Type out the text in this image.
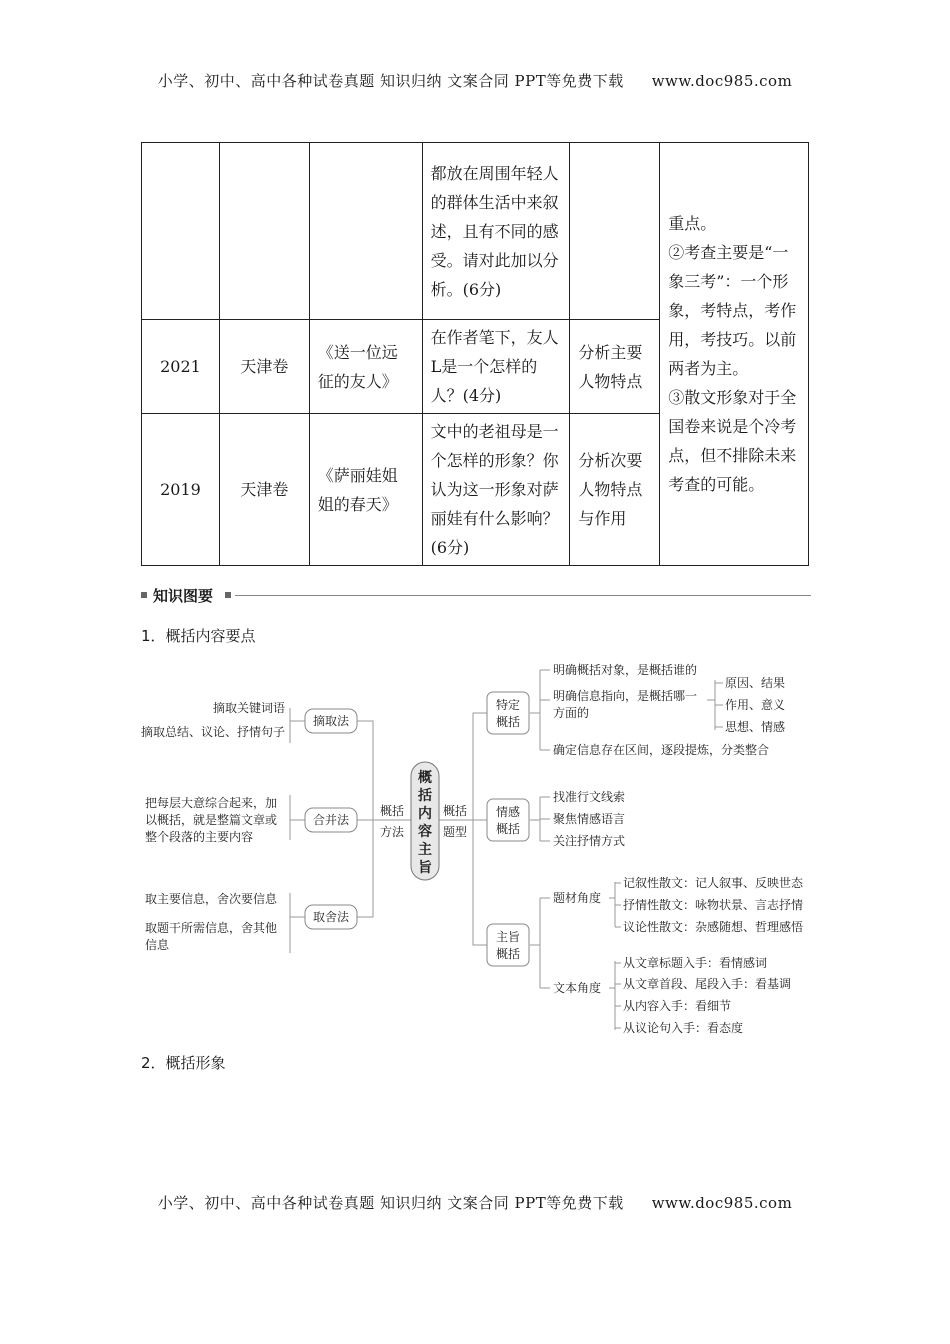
小学、初中、高中各种试卷真题 知识归纳 文案合同 PPT等免费下载 www.doc985.com
			都放在周围年轻人的群体生活中来叙述，且有不同的感受。请对此加以分析。(6分)		重点。
②考查主要是“一象三考”：一个形象，考特点，考作用，考技巧。以前两者为主。
③散文形象对于全国卷来说是个冷考点，但不排除未来考查的可能。

2021	天津卷	《送一位远征的友人》	在作者笔下，友人L是一个怎样的人？(4分)	分析主要人物特点	
2019	天津卷	《萨丽娃姐姐的春天》	文中的老祖母是一个怎样的形象？你认为这一形象对萨丽娃有什么影响？(6分)	分析次要人物特点与作用	
知识图要
1．概括内容要点
摘取关键词语
摘取总结、议论、抒情句子
把每层大意综合起来，加
以概括，就是整篇文章或
整个段落的主要内容
取主要信息，舍次要信息
取题干所需信息，舍其他
信息
摘取法
合并法
取舍法
概括
方法
概
括
内
容
主
旨
概括
题型
特定
概括
情感
概括
主旨
概括
明确概括对象，是概括谁的
明确信息指向，是概括哪一
方面的
原因、结果
作用、意义
思想、情感
确定信息存在区间，逐段提炼，分类整合
找准行文线索
聚焦情感语言
关注抒情方式
题材角度
记叙性散文：记人叙事、反映世态
抒情性散文：咏物状景、言志抒情
议论性散文：杂感随想、哲理感悟
文本角度
从文章标题入手：看情感词
从文章首段、尾段入手：看基调
从内容入手：看细节
从议论句入手：看态度
2．概括形象
小学、初中、高中各种试卷真题 知识归纳 文案合同 PPT等免费下载 www.doc985.com
